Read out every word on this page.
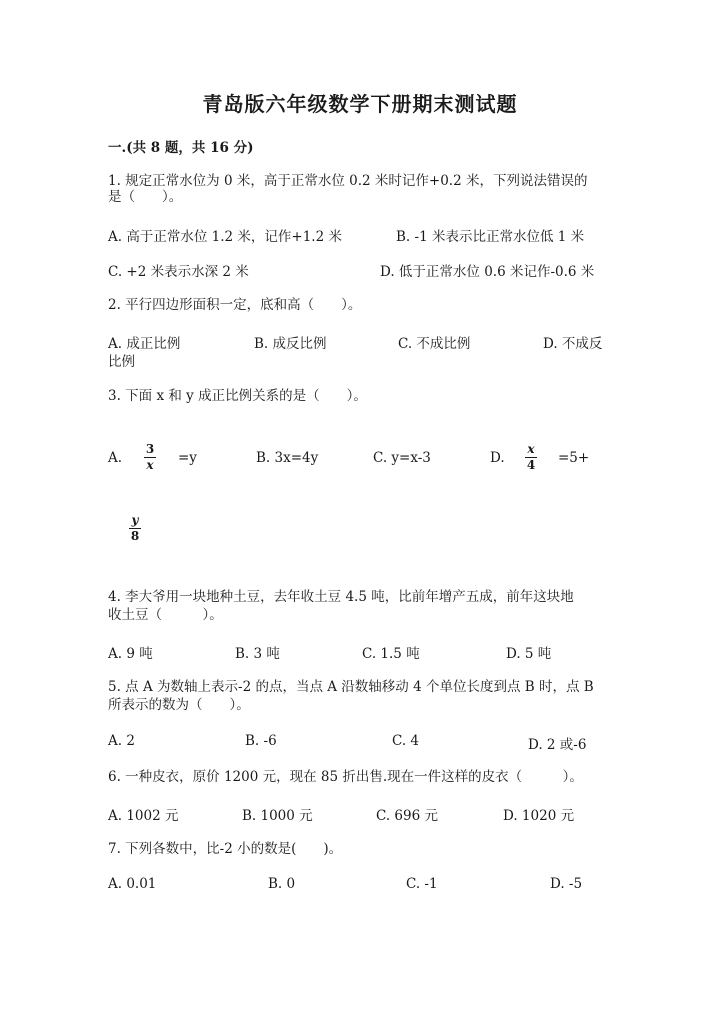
青岛版六年级数学下册期末测试题
一.(共 8 题，共 16 分)
1. 规定正常水位为 0 米，高于正常水位 0.2 米时记作+0.2 米，下列说法错误的
是（　　）。
A. 高于正常水位 1.2 米，记作+1.2 米	B. -1 米表示比正常水位低 1 米
C. +2 米表示水深 2 米	D. 低于正常水位 0.6 米记作-0.6 米
2. 平行四边形面积一定，底和高（　　）。
A. 成正比例	B. 成反比例	C. 不成比例	D. 不成反
比例
3. 下面 x 和 y 成正比例关系的是（　　）。
A.
3
x =y	B. 3x=4y	C. y=x-3	D.
x
4 =5+
y
8
4. 李大爷用一块地种土豆，去年收土豆 4.5 吨，比前年增产五成，前年这块地
收土豆（　　　）。
A. 9 吨	B. 3 吨	C. 1.5 吨	D. 5 吨
5. 点 A 为数轴上表示-2 的点，当点 A 沿数轴移动 4 个单位长度到点 B 时，点 B
所表示的数为（　　）。
A. 2	B. -6	C. 4	D. 2 或-6
6. 一种皮衣，原价 1200 元，现在 85 折出售.现在一件这样的皮衣（　　　）。
A. 1002 元	B. 1000 元	C. 696 元	D. 1020 元
7. 下列各数中，比-2 小的数是(　　)。
A. 0.01	B. 0	C. -1	D. -5
